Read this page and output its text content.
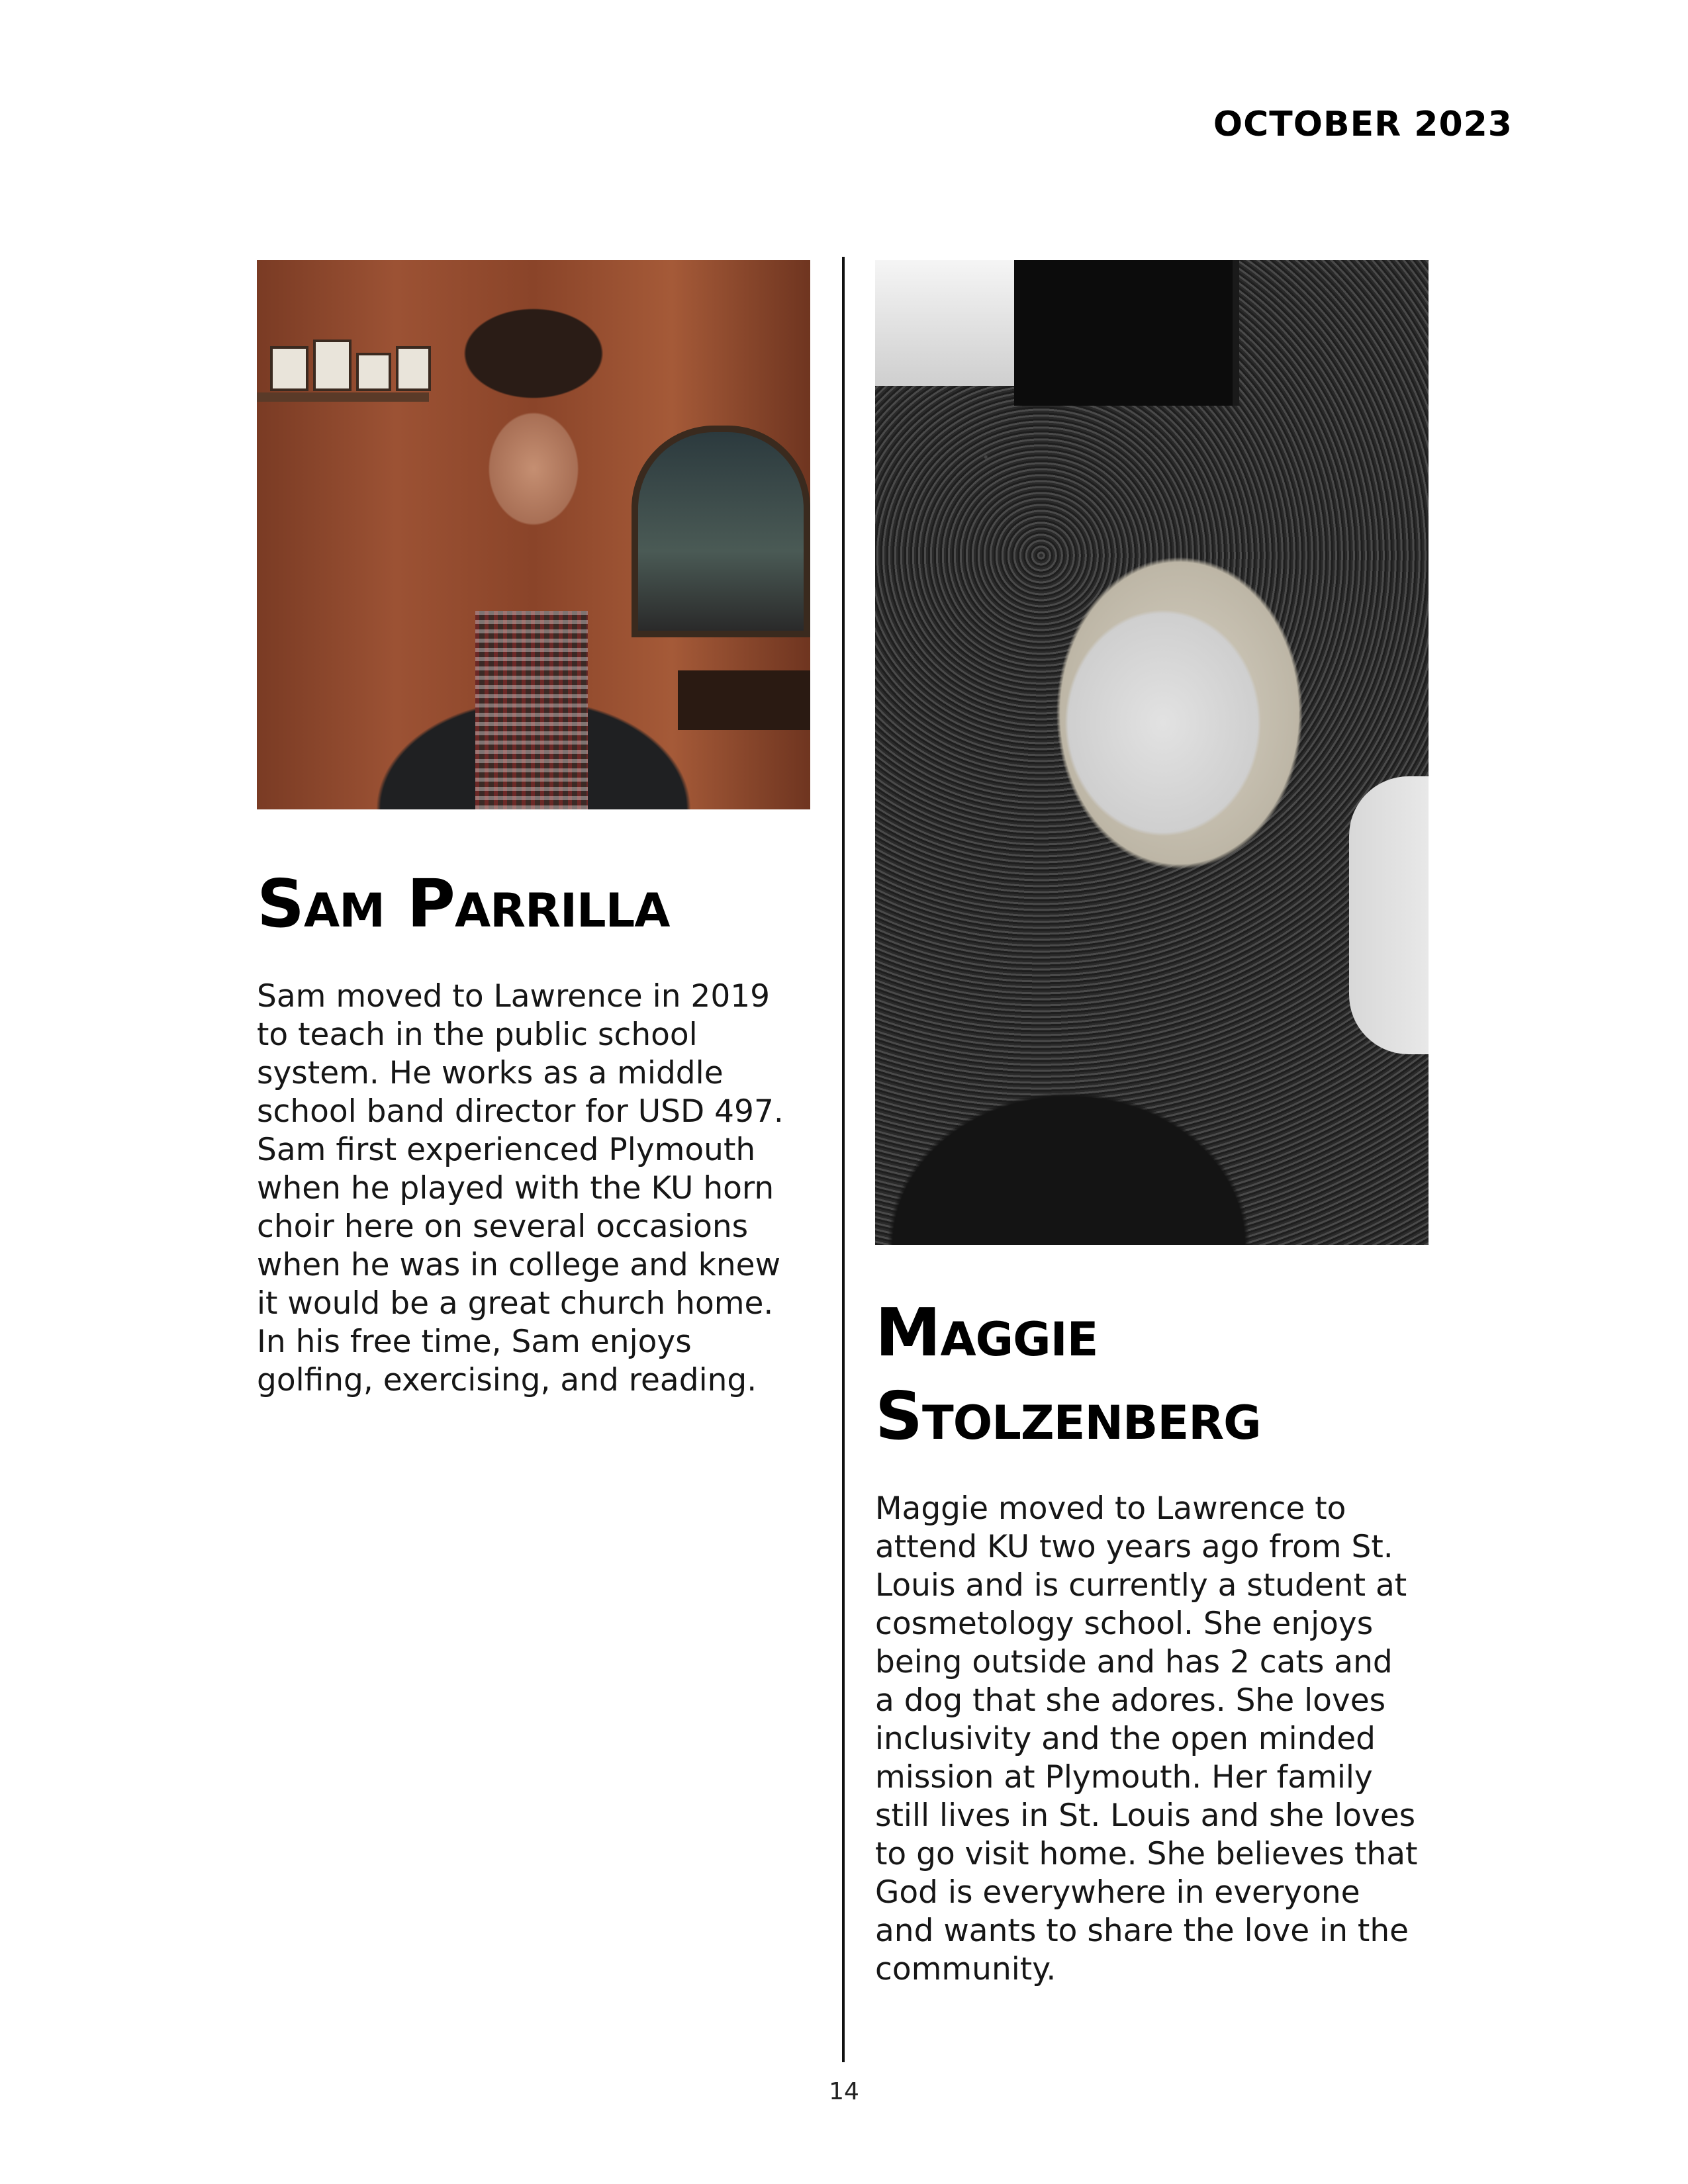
OCTOBER 2023
Sam Parrilla

Sam moved to Lawrence in 2019 to teach in the public school system. He works as a middle school band director for USD 497. Sam first experienced Plymouth when he played with the KU horn choir here on several occasions when he was in college and knew it would be a great church home. In his free time, Sam enjoys golfing, exercising, and reading.

Maggie Stolzenberg

Maggie moved to Lawrence to attend KU two years ago from St. Louis and is currently a student at cosmetology school. She enjoys being outside and has 2 cats and a dog that she adores. She loves inclusivity and the open minded mission at Plymouth. Her family still lives in St. Louis and she loves to go visit home. She believes that God is everywhere in everyone and wants to share the love in the community.

14
